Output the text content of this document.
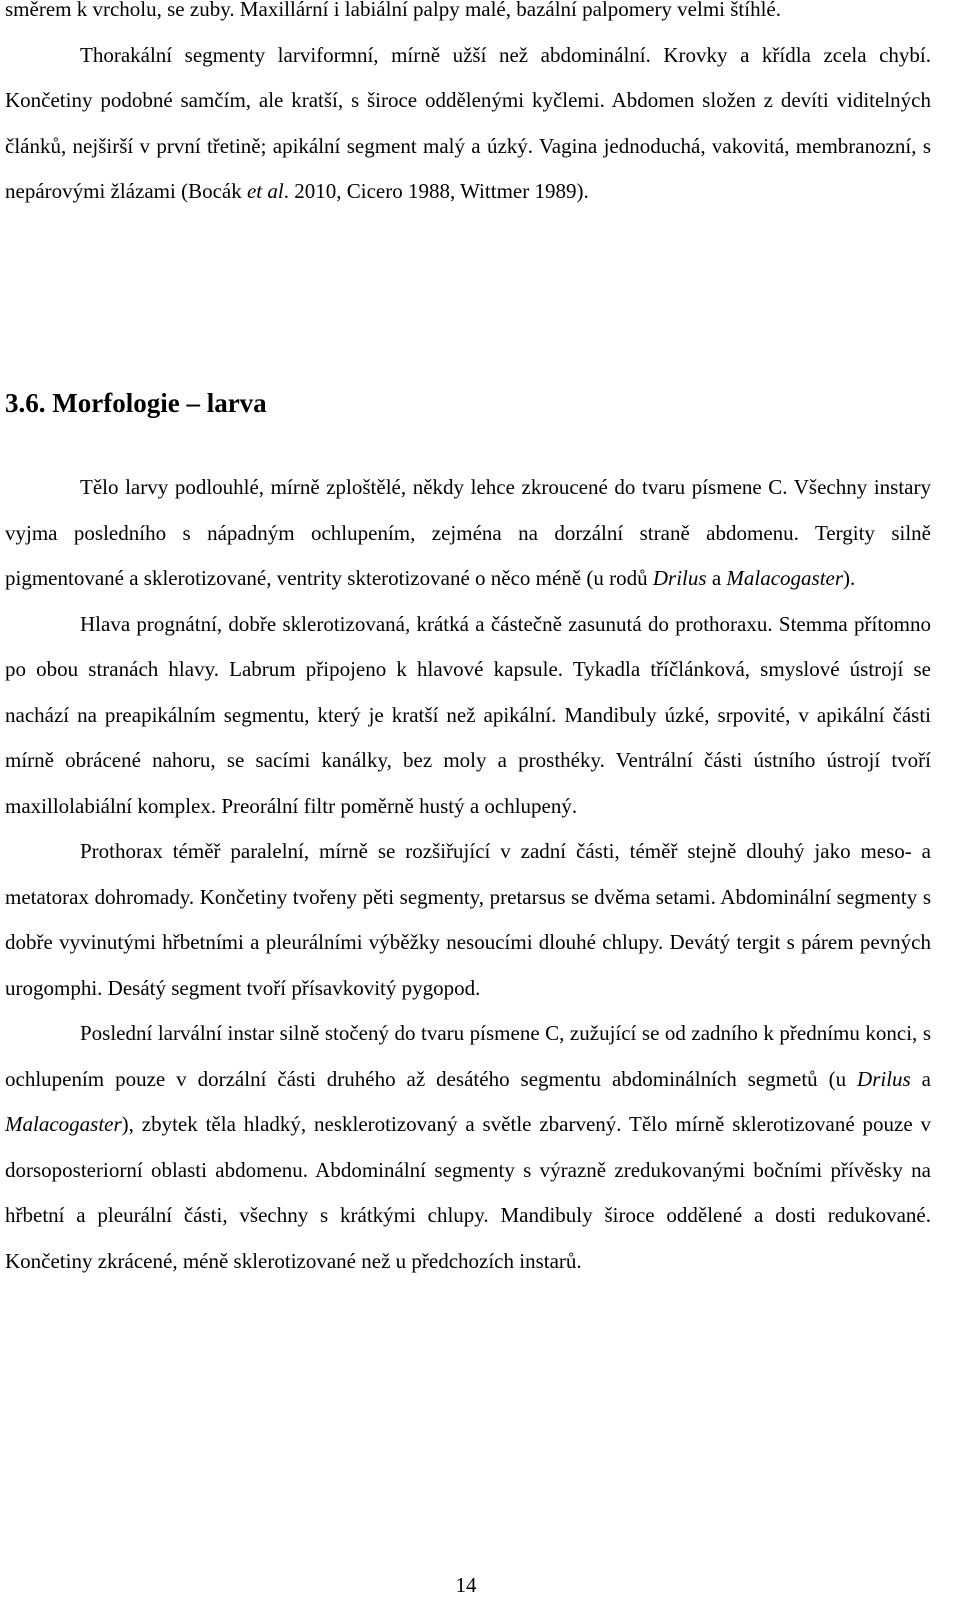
směrem k vrcholu, se zuby. Maxillární i labiální palpy malé, bazální palpomery velmi štíhlé.

Thorakální segmenty larviformní, mírně užší než abdominální. Krovky a křídla zcela chybí. Končetiny podobné samčím, ale kratší, s široce oddělenými kyčlemi. Abdomen složen z devíti viditelných článků, nejširší v první třetině; apikální segment malý a úzký. Vagina jednoduchá, vakovitá, membranozní, s nepárovými žlázami (Bocák et al. 2010, Cicero 1988, Wittmer 1989).

3.6. Morfologie – larva

Tělo larvy podlouhlé, mírně zploštělé, někdy lehce zkroucené do tvaru písmene C. Všechny instary vyjma posledního s nápadným ochlupením, zejména na dorzální straně abdomenu. Tergity silně pigmentované a sklerotizované, ventrity skterotizované o něco méně (u rodů Drilus a Malacogaster).

Hlava prognátní, dobře sklerotizovaná, krátká a částečně zasunutá do prothoraxu. Stemma přítomno po obou stranách hlavy. Labrum připojeno k hlavové kapsule. Tykadla tříčlánková, smyslové ústrojí se nachází na preapikálním segmentu, který je kratší než apikální. Mandibuly úzké, srpovité, v apikální části mírně obrácené nahoru, se sacími kanálky, bez moly a prosthéky. Ventrální části ústního ústrojí tvoří maxillolabiální komplex. Preorální filtr poměrně hustý a ochlupený.

Prothorax téměř paralelní, mírně se rozšiřující v zadní části, téměř stejně dlouhý jako meso- a metatorax dohromady. Končetiny tvořeny pěti segmenty, pretarsus se dvěma setami. Abdominální segmenty s dobře vyvinutými hřbetními a pleurálními výběžky nesoucími dlouhé chlupy. Devátý tergit s párem pevných urogomphi. Desátý segment tvoří přísavkovitý pygopod.

Poslední larvální instar silně stočený do tvaru písmene C, zužující se od zadního k přednímu konci, s ochlupením pouze v dorzální části druhého až desátého segmentu abdominálních segmetů (u Drilus a Malacogaster), zbytek těla hladký, nesklerotizovaný a světle zbarvený. Tělo mírně sklerotizované pouze v dorsoposteriorní oblasti abdomenu. Abdominální segmenty s výrazně zredukovanými bočními přívěsky na hřbetní a pleurální části, všechny s krátkými chlupy. Mandibuly široce oddělené a dosti redukované. Končetiny zkrácené, méně sklerotizované než u předchozích instarů.

14
